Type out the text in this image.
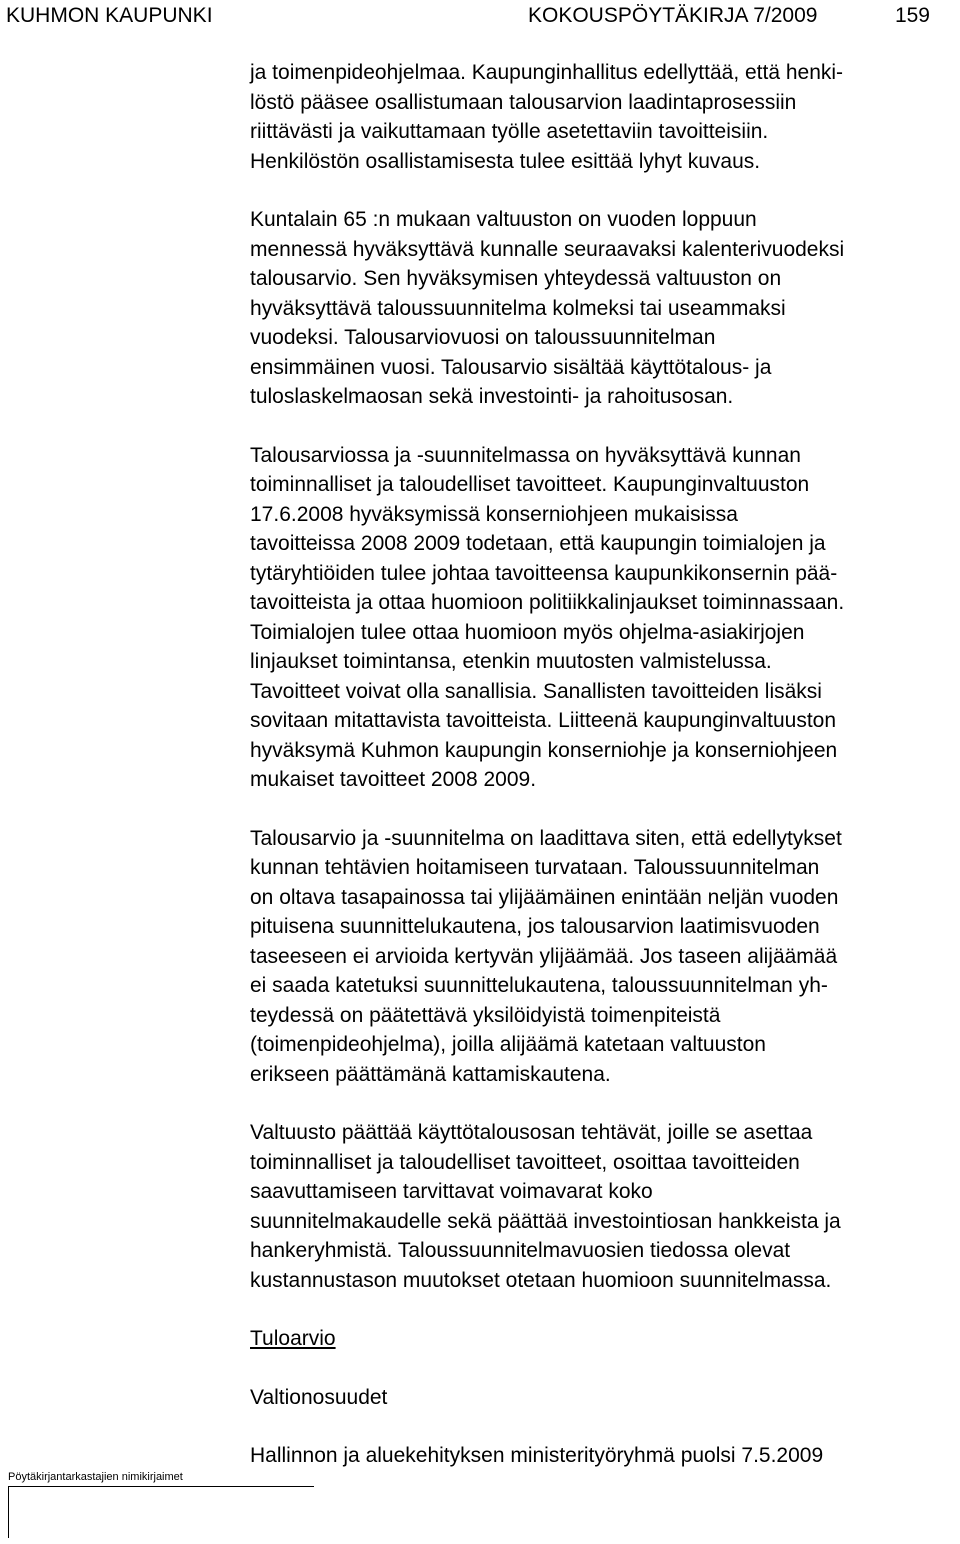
KUHMON KAUPUNKI	KOKOUSPÖYTÄKIRJA 7/2009	159

ja toimenpideohjelmaa. Kaupunginhallitus edellyttää, että henki-
löstö pääsee osallistumaan talousarvion laadintaprosessiin
riittävästi ja vaikuttamaan työlle asetettaviin tavoitteisiin.
Henkilöstön osallistamisesta tulee esittää lyhyt kuvaus.

Kuntalain 65 :n mukaan valtuuston on vuoden loppuun
mennessä hyväksyttävä kunnalle seuraavaksi kalenterivuodeksi
talousarvio. Sen hyväksymisen yhteydessä valtuuston on
hyväksyttävä taloussuunnitelma kolmeksi tai useammaksi
vuodeksi. Talousarviovuosi on taloussuunnitelman
ensimmäinen vuosi. Talousarvio sisältää käyttötalous- ja
tuloslaskelmaosan sekä investointi- ja rahoitusosan.

Talousarviossa ja -suunnitelmassa on hyväksyttävä kunnan
toiminnalliset ja taloudelliset tavoitteet. Kaupunginvaltuuston
17.6.2008 hyväksymissä konserniohjeen mukaisissa
tavoitteissa 2008 2009 todetaan, että kaupungin toimialojen ja
tytäryhtiöiden tulee johtaa tavoitteensa kaupunkikonsernin pää-
tavoitteista ja ottaa huomioon politiikkalinjaukset toiminnassaan.
Toimialojen tulee ottaa huomioon myös ohjelma-asiakirjojen
linjaukset toimintansa, etenkin muutosten valmistelussa.
Tavoitteet voivat olla sanallisia. Sanallisten tavoitteiden lisäksi
sovitaan mitattavista tavoitteista. Liitteenä kaupunginvaltuuston
hyväksymä Kuhmon kaupungin konserniohje ja konserniohjeen
mukaiset tavoitteet 2008 2009.

Talousarvio ja -suunnitelma on laadittava siten, että edellytykset
kunnan tehtävien hoitamiseen turvataan. Taloussuunnitelman
on oltava tasapainossa tai ylijäämäinen enintään neljän vuoden
pituisena suunnittelukautena, jos talousarvion laatimisvuoden
taseeseen ei arvioida kertyvän ylijäämää. Jos taseen alijäämää
ei saada katetuksi suunnittelukautena, taloussuunnitelman yh-
teydessä on päätettävä yksilöidyistä toimenpiteistä
(toimenpideohjelma), joilla alijäämä katetaan valtuuston
erikseen päättämänä kattamiskautena.

Valtuusto päättää käyttötalousosan tehtävät, joille se asettaa
toiminnalliset ja taloudelliset tavoitteet, osoittaa tavoitteiden
saavuttamiseen tarvittavat voimavarat koko
suunnitelmakaudelle sekä päättää investointiosan hankkeista ja
hankeryhmistä. Taloussuunnitelmavuosien tiedossa olevat
kustannustason muutokset otetaan huomioon suunnitelmassa.

Tuloarvio
Valtionosuudet

Hallinnon ja aluekehityksen ministerityöryhmä puolsi 7.5.2009

Pöytäkirjantarkastajien nimikirjaimet
